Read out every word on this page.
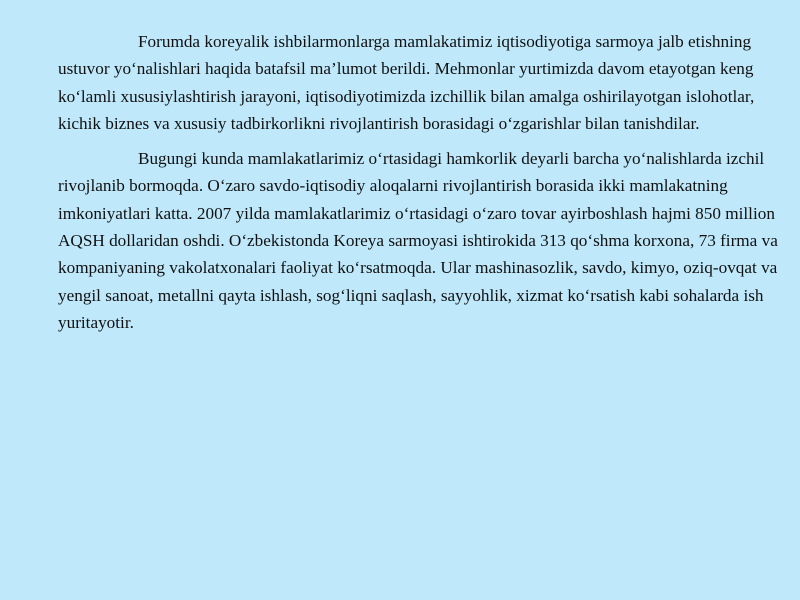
Forumda koreyalik ishbilarmonlarga mamlakatimiz iqtisodiyotiga sarmoya jalb etishning ustuvor yo‘nalishlari haqida batafsil ma’lumot berildi. Mehmonlar yurtimizda davom etayotgan keng ko‘lamli xususiylashtirish jarayoni, iqtisodiyotimizda izchillik bilan amalga oshirilayotgan islohotlar, kichik biznes va xususiy tadbirkorlikni rivojlantirish borasidagi o‘zgarishlar bilan tanishdilar.

Bugungi kunda mamlakatlarimiz o‘rtasidagi hamkorlik deyarli barcha yo‘nalishlarda izchil rivojlanib bormoqda. O‘zaro savdo-iqtisodiy aloqalarni rivojlantirish borasida ikki mamlakatning imkoniyatlari katta. 2007 yilda mamlakatlarimiz o‘rtasidagi o‘zaro tovar ayirboshlash hajmi 850 million AQSH dollaridan oshdi. O‘zbekistonda Koreya sarmoyasi ishtirokida 313 qo‘shma korxona, 73 firma va kompaniyaning vakolatxonalari faoliyat ko‘rsatmoqda. Ular mashinasozlik, savdo, kimyo, oziq-ovqat va yengil sanoat, metallni qayta ishlash, sog‘liqni saqlash, sayyohlik, xizmat ko‘rsatish kabi sohalarda ish yuritayotir.
